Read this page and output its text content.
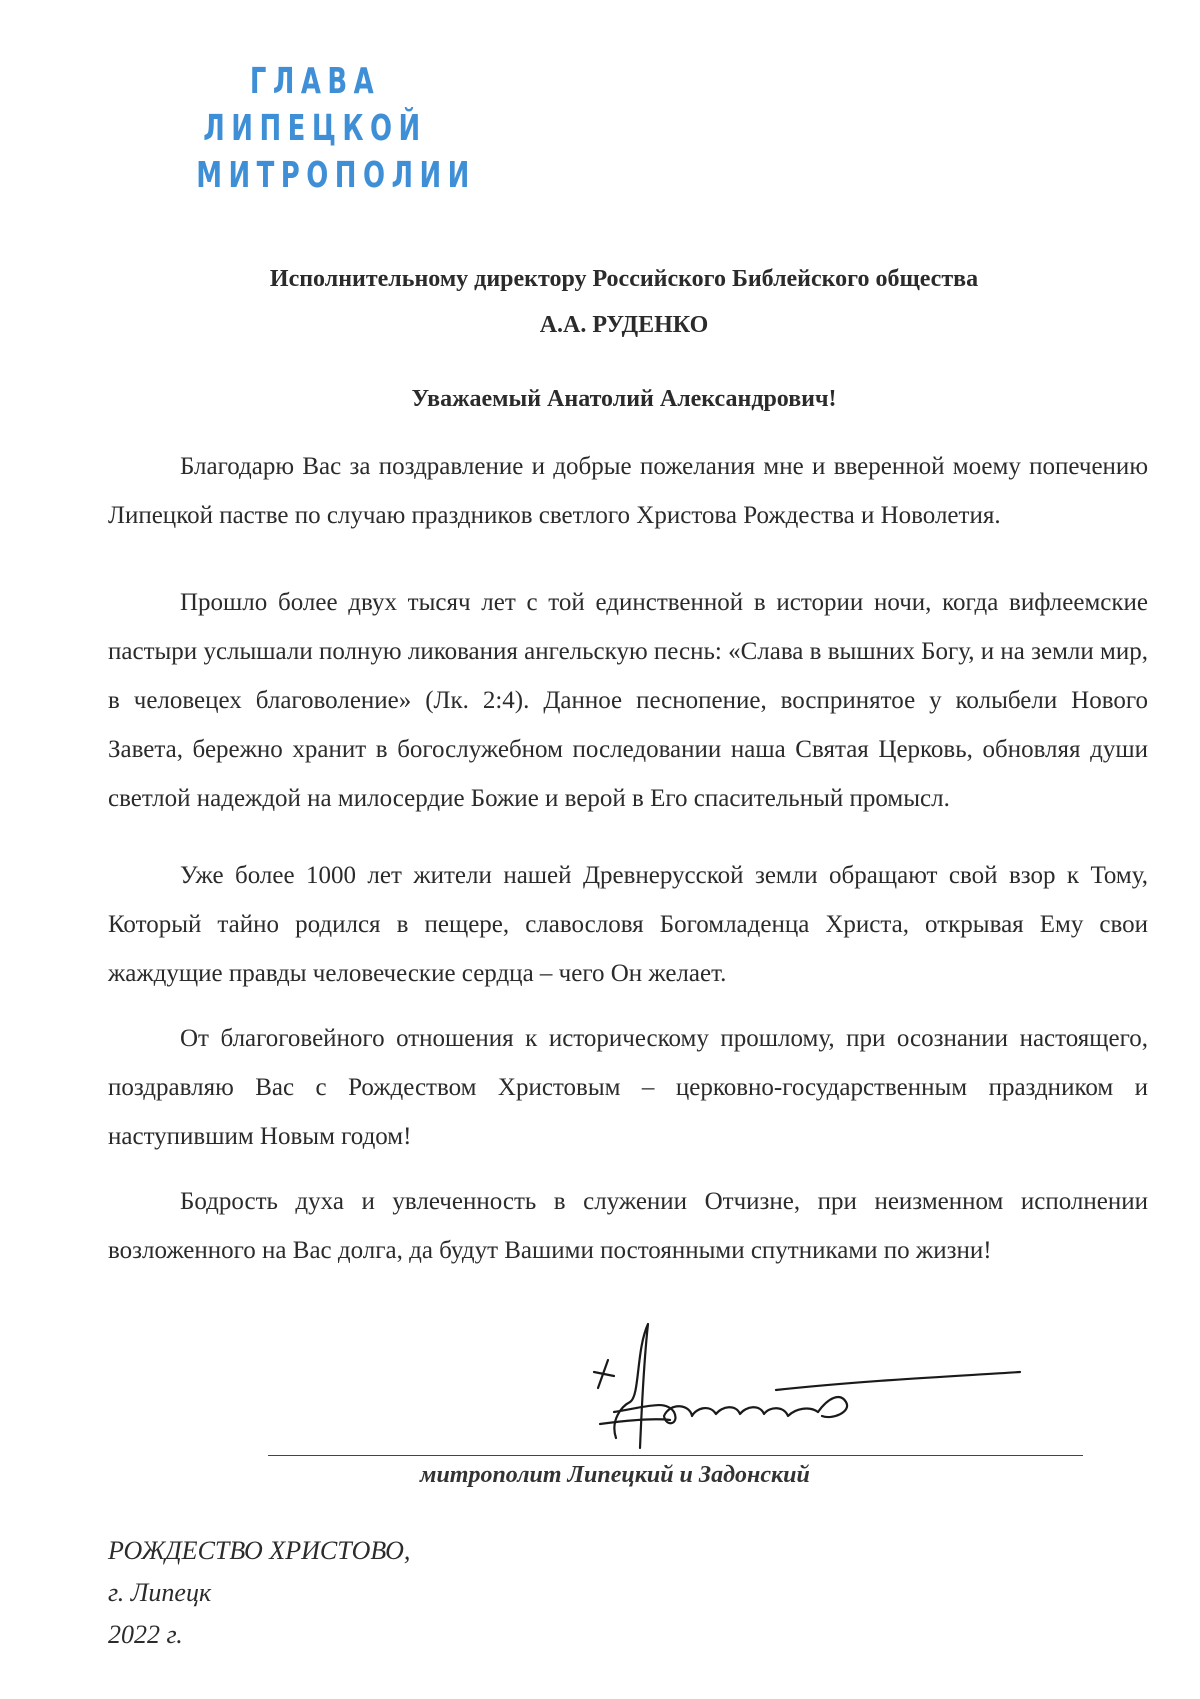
ГЛАВА
ЛИПЕЦКОЙ
МИТРОПОЛИИ
Исполнительному директору Российского Библейского общества
А.А. РУДЕНКО
Уважаемый Анатолий Александрович!

Благодарю Вас за поздравление и добрые пожелания мне и вверенной моему попечению Липецкой пастве по случаю праздников светлого Христова Рождества и Новолетия.

Прошло более двух тысяч лет с той единственной в истории ночи, когда вифлеемские пастыри услышали полную ликования ангельскую песнь: «Слава в вышних Богу, и на земли мир, в человецех благоволение» (Лк. 2:4). Данное песнопение, воспринятое у колыбели Нового Завета, бережно хранит в богослужебном последовании наша Святая Церковь, обновляя души светлой надеждой на милосердие Божие и верой в Его спасительный промысл.

Уже более 1000 лет жители нашей Древнерусской земли обращают свой взор к Тому, Который тайно родился в пещере, славословя Богомладенца Христа, открывая Ему свои жаждущие правды человеческие сердца – чего Он желает.

От благоговейного отношения к историческому прошлому, при осознании настоящего, поздравляю Вас с Рождеством Христовым – церковно-государственным праздником и наступившим Новым годом!

Бодрость духа и увлеченность в служении Отчизне, при неизменном исполнении возложенного на Вас долга, да будут Вашими постоянными спутниками по жизни!

митрополит Липецкий и Задонский
РОЖДЕСТВО ХРИСТОВО,
г. Липецк
2022 г.
